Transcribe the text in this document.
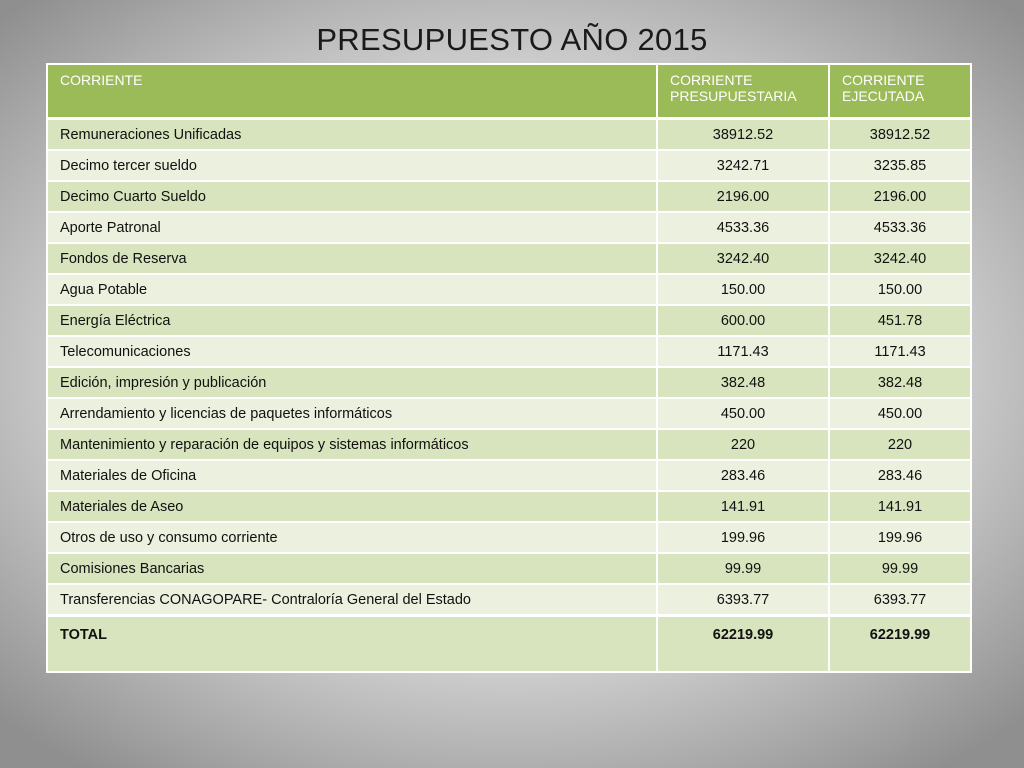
PRESUPUESTO AÑO 2015
CORRIENTE	CORRIENTE PRESUPUESTARIA	CORRIENTE EJECUTADA
Remuneraciones Unificadas	38912.52	38912.52
Decimo tercer sueldo	3242.71	3235.85
Decimo Cuarto Sueldo	2196.00	2196.00
Aporte Patronal	4533.36	4533.36
Fondos de Reserva	3242.40	3242.40
Agua Potable	150.00	150.00
Energía Eléctrica	600.00	451.78
Telecomunicaciones	1171.43	1171.43
Edición, impresión y publicación	382.48	382.48
Arrendamiento y licencias de paquetes informáticos	450.00	450.00
Mantenimiento y reparación de equipos y sistemas informáticos	220	220
Materiales de Oficina	283.46	283.46
Materiales de Aseo	141.91	141.91
Otros de uso y consumo corriente	199.96	199.96
Comisiones Bancarias	99.99	99.99
Transferencias CONAGOPARE- Contraloría General del Estado	6393.77	6393.77
TOTAL	62219.99	62219.99
